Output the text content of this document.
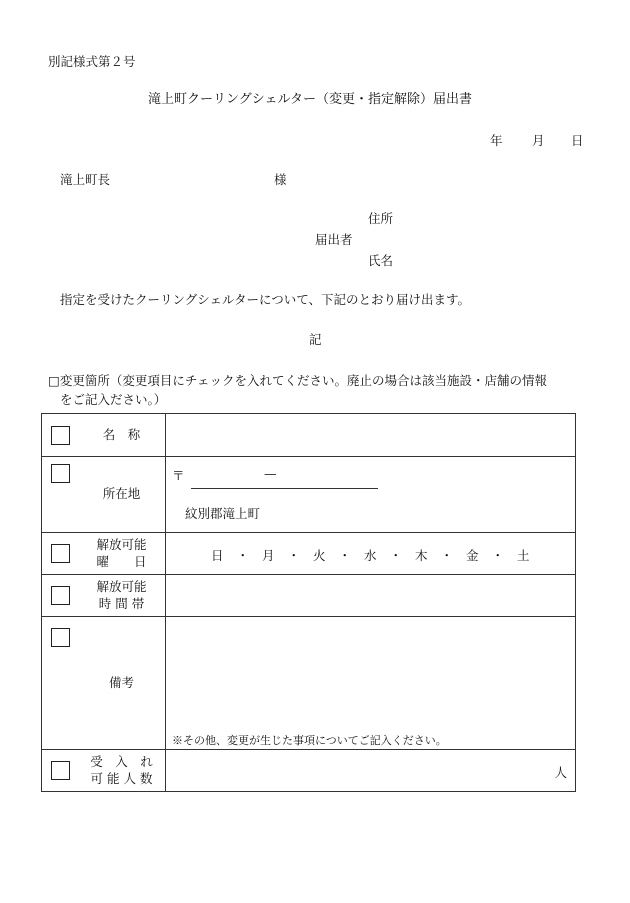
別記様式第２号
滝上町クーリングシェルター（変更・指定解除）届出書
年 月 日
滝上町長	様
住所
届出者
氏名
指定を受けたクーリングシェルターについて、下記のとおり届け出ます。
記
□変更箇所（変更項目にチェックを入れてください。廃止の場合は該当施設・店舗の情報
をご記入ださい。）
名　称	

所在地	〒 —
紋別郡滝上町

解放可能
曜　　日	日 ・ 月 ・ 火 ・ 水 ・ 木 ・ 金 ・ 土

解放可能
時 間 帯	

備考	※その他、変更が生じた事項についてご記入ください。

受　入　れ
可 能 人 数	人
